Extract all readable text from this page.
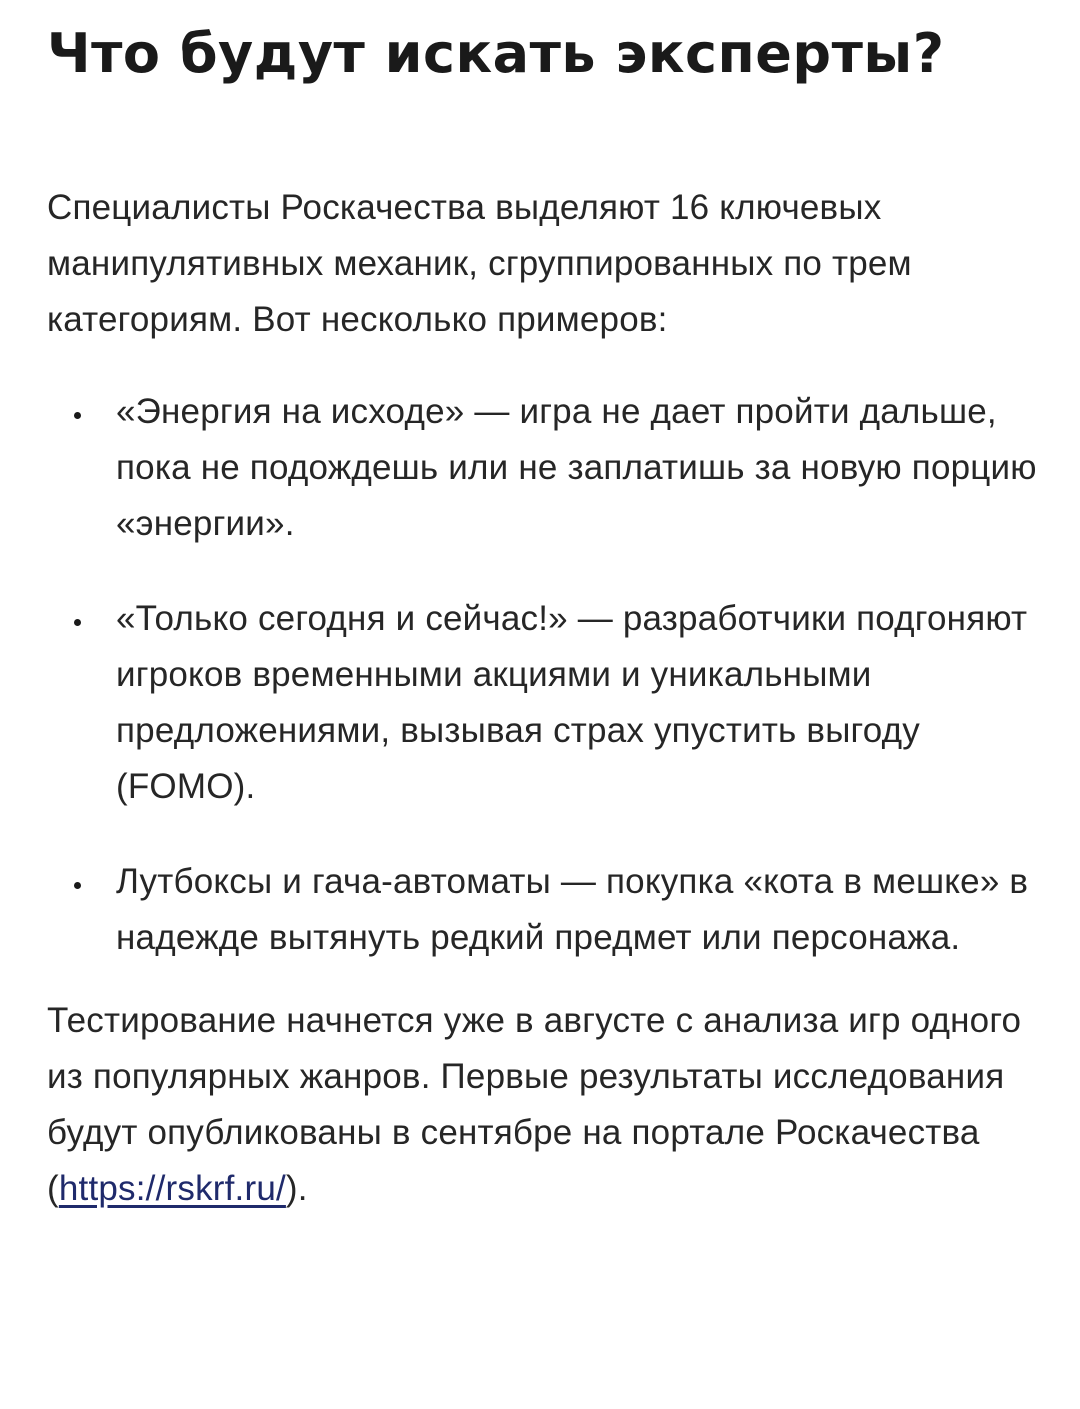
Что будут искать эксперты?

Специалисты Роскачества выделяют 16 ключевых манипулятивных механик, сгруппированных по трем категориям. Вот несколько примеров:

«Энергия на исходе» — игра не дает пройти дальше, пока не подождешь или не заплатишь за новую порцию «энергии».
«Только сегодня и сейчас!» — разработчики подгоняют игроков временными акциями и уникальными предложениями, вызывая страх упустить выгоду (FOMO).
Лутбоксы и гача-автоматы — покупка «кота в мешке» в надежде вытянуть редкий предмет или персонажа.

Тестирование начнется уже в августе с анализа игр одного из популярных жанров. Первые результаты исследования будут опубликованы в сентябре на портале Роскачества (https://rskrf.ru/).
